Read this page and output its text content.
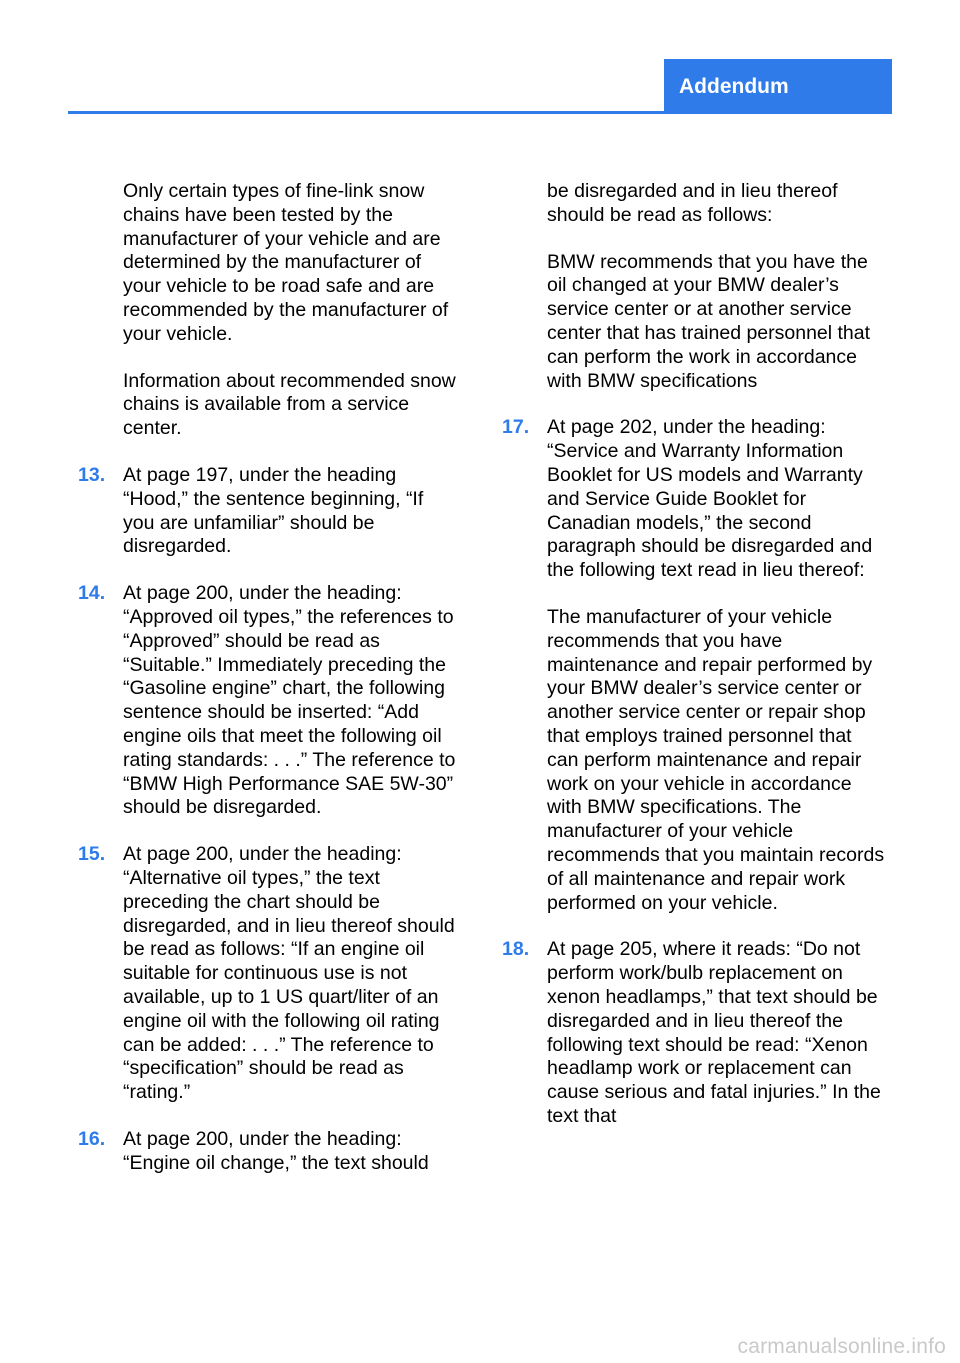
Addendum

Only certain types of fine-link snow chains have been tested by the manufacturer of your vehicle and are determined by the manufacturer of your vehicle to be road safe and are recommended by the manufacturer of your vehicle.

Information about recommended snow chains is available from a service center.

13. At page 197, under the heading “Hood,” the sentence beginning, “If you are unfamiliar” should be disregarded.
14. At page 200, under the heading: “Approved oil types,” the references to “Approved” should be read as “Suitable.” Immediately preceding the “Gasoline engine” chart, the following sentence should be inserted: “Add engine oils that meet the following oil rating standards: . . .” The reference to “BMW High Performance SAE 5W-30” should be disregarded.
15. At page 200, under the heading: “Alternative oil types,” the text preceding the chart should be disregarded, and in lieu thereof should be read as follows: “If an engine oil suitable for continuous use is not available, up to 1 US quart/liter of an engine oil with the following oil rating can be added: . . .” The reference to “specification” should be read as “rating.”
16. At page 200, under the heading: “Engine oil change,” the text should

be disregarded and in lieu thereof should be read as follows:

BMW recommends that you have the oil changed at your BMW dealer’s service center or at another service center that has trained personnel that can perform the work in accordance with BMW specifications

17. At page 202, under the heading: “Service and Warranty Information Booklet for US models and Warranty and Service Guide Booklet for Canadian models,” the second paragraph should be disregarded and the following text read in lieu thereof:

The manufacturer of your vehicle recommends that you have maintenance and repair performed by your BMW dealer’s service center or another service center or repair shop that employs trained personnel that can perform maintenance and repair work on your vehicle in accordance with BMW specifications. The manufacturer of your vehicle recommends that you maintain records of all maintenance and repair work performed on your vehicle.

18. At page 205, where it reads: “Do not perform work/bulb replacement on xenon headlamps,” that text should be disregarded and in lieu thereof the following text should be read: “Xenon headlamp work or replacement can cause serious and fatal injuries.” In the text that
carmanualsonline.info
